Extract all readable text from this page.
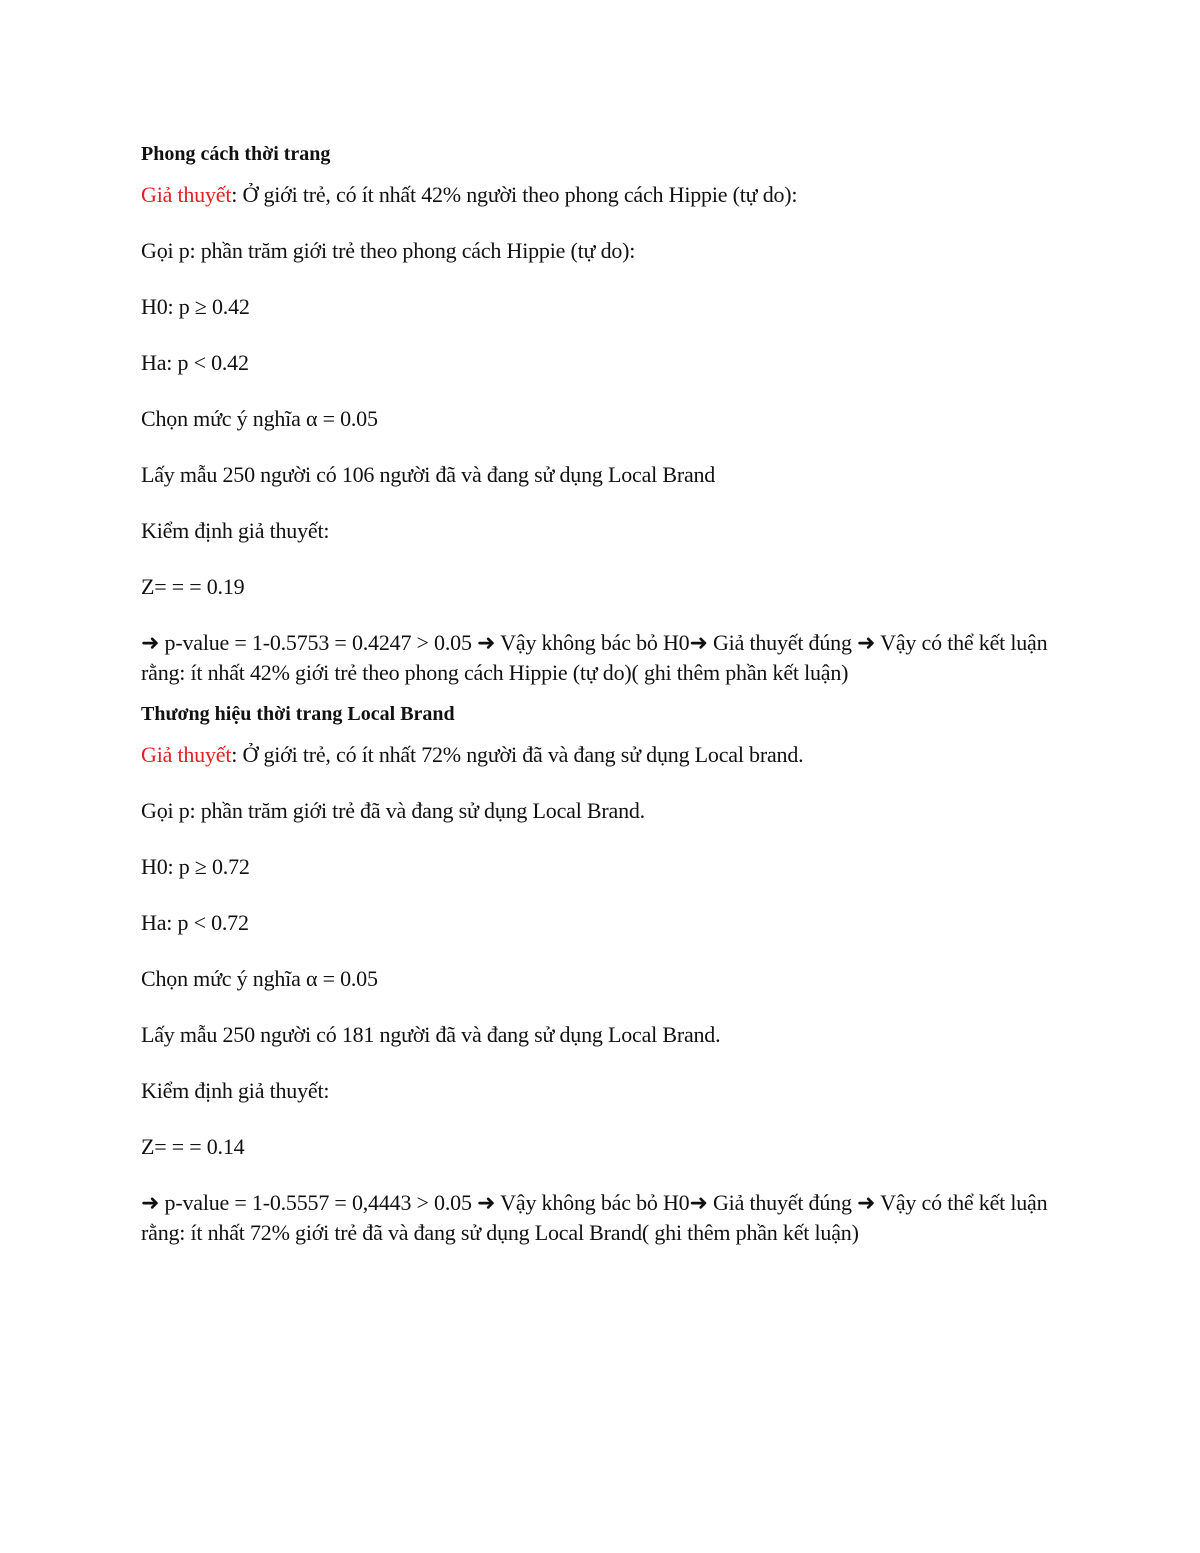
Phong cách thời trang
Giả thuyết: Ở giới trẻ, có ít nhất 42% người theo phong cách Hippie (tự do):
Gọi p: phần trăm giới trẻ theo phong cách Hippie (tự do):
H0: p ≥ 0.42
Ha: p < 0.42
Chọn mức ý nghĩa α = 0.05
Lấy mẫu 250 người có 106 người đã và đang sử dụng Local Brand
Kiểm định giả thuyết:
Z= = = 0.19
➜ p-value = 1-0.5753 = 0.4247 > 0.05 ➜ Vậy không bác bỏ H0➜ Giả thuyết đúng ➜ Vậy có thể kết luận rằng: ít nhất 42% giới trẻ theo phong cách Hippie (tự do)( ghi thêm phần kết luận)
Thương hiệu thời trang Local Brand
Giả thuyết: Ở giới trẻ, có ít nhất 72% người đã và đang sử dụng Local brand.
Gọi p: phần trăm giới trẻ đã và đang sử dụng Local Brand.
H0: p ≥ 0.72
Ha: p < 0.72
Chọn mức ý nghĩa α = 0.05
Lấy mẫu 250 người có 181 người đã và đang sử dụng Local Brand.
Kiểm định giả thuyết:
Z= = = 0.14
➜ p-value = 1-0.5557 = 0,4443 > 0.05 ➜ Vậy không bác bỏ H0➜ Giả thuyết đúng ➜ Vậy có thể kết luận rằng: ít nhất 72% giới trẻ đã và đang sử dụng Local Brand( ghi thêm phần kết luận)
